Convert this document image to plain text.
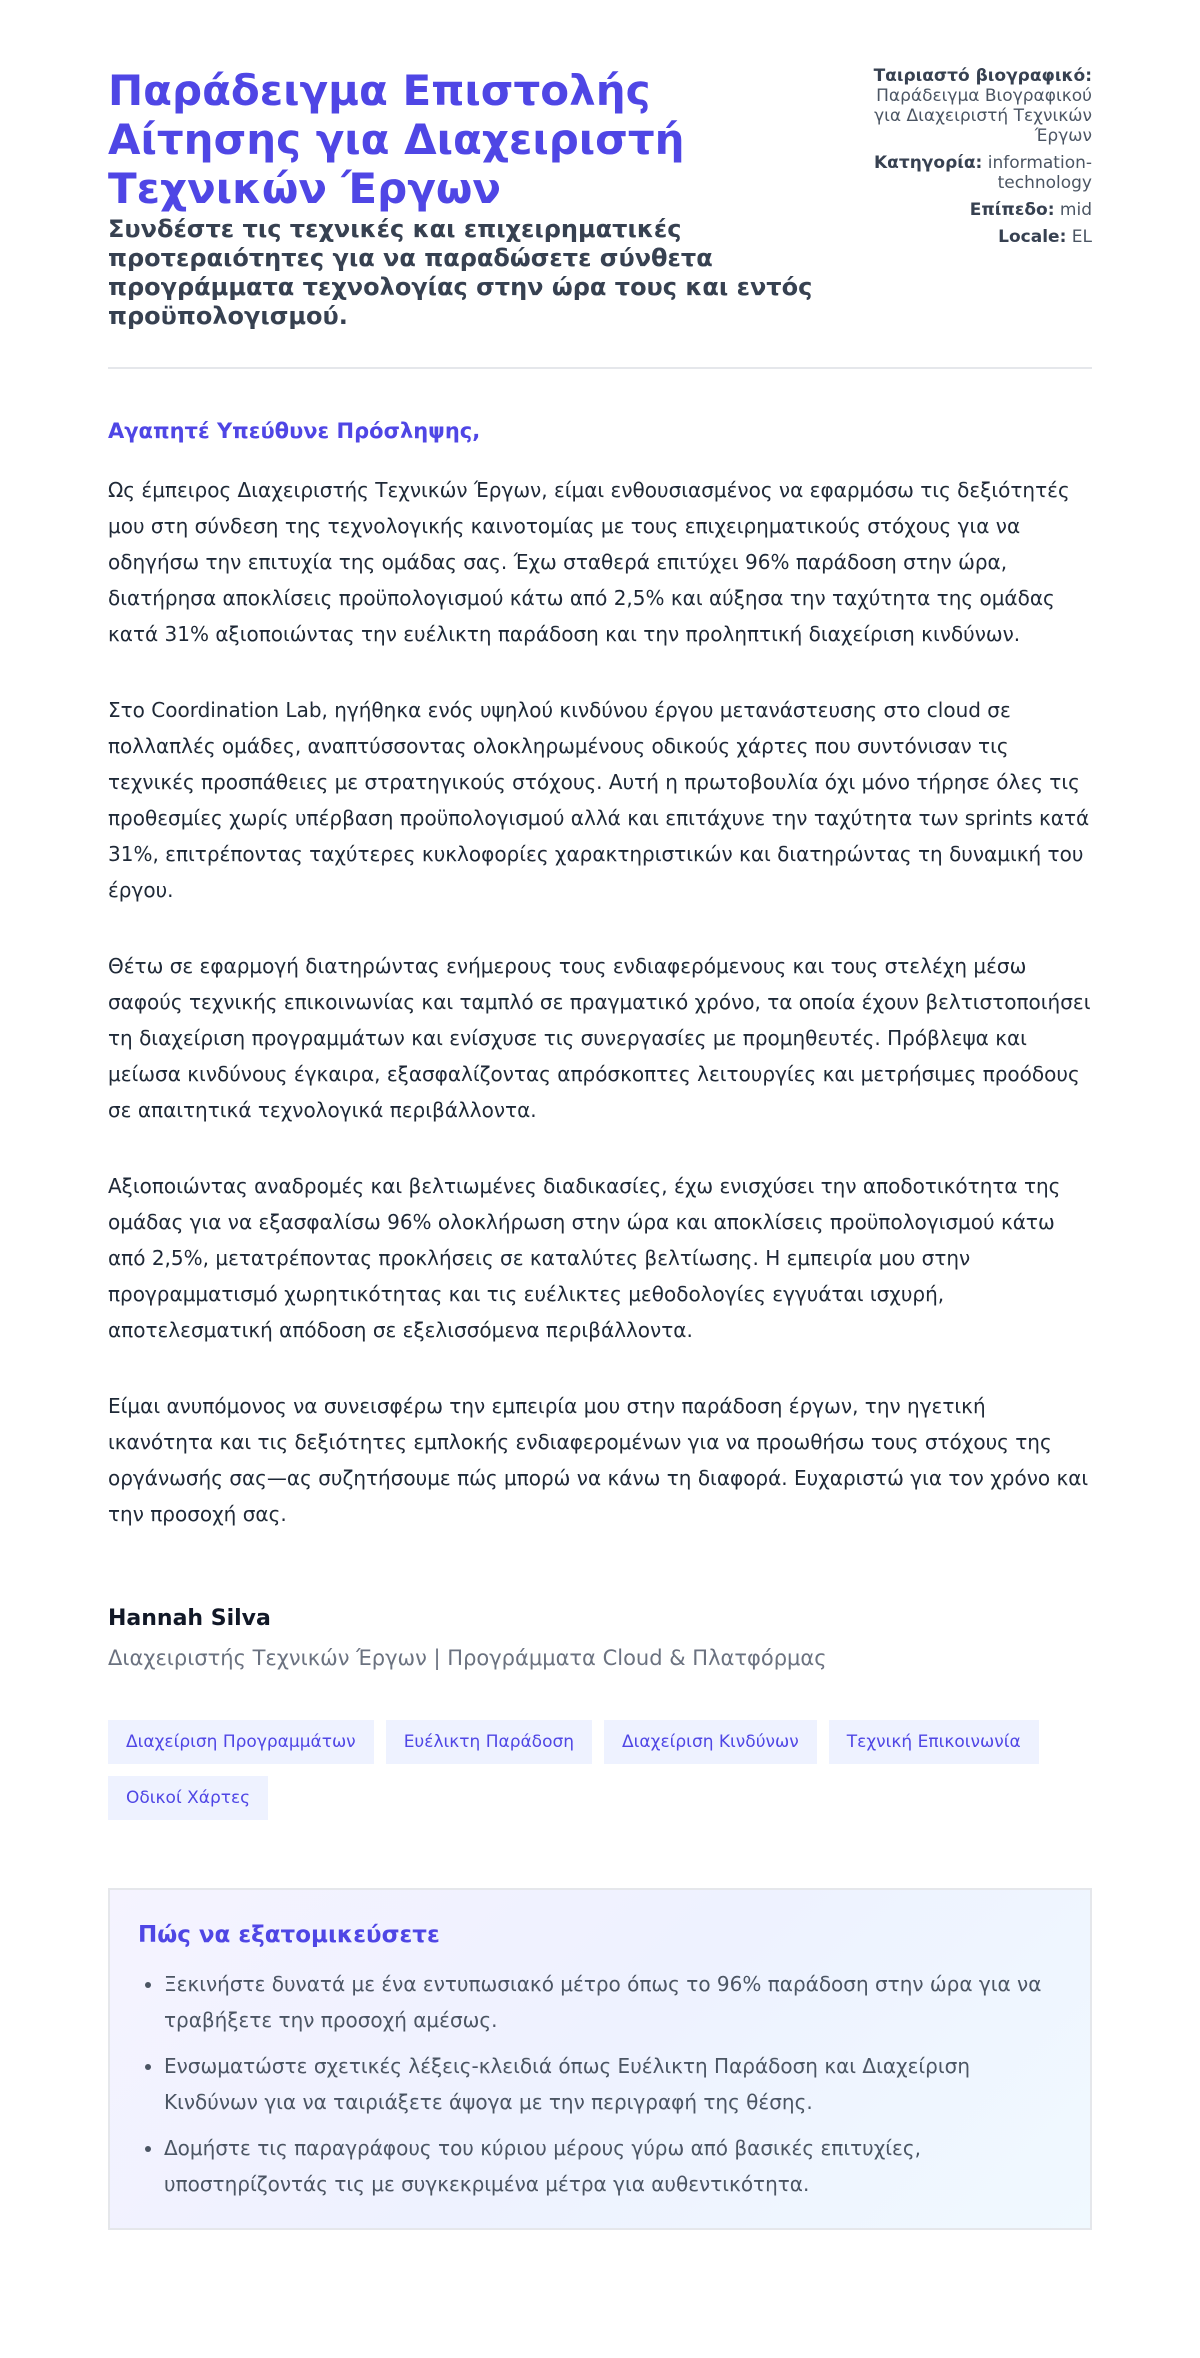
Παράδειγμα Επιστολής Αίτησης για Διαχειριστή Τεχνικών Έργων
Συνδέστε τις τεχνικές και επιχειρηματικές προτεραιότητες για να παραδώσετε σύνθετα προγράμματα τεχνολογίας στην ώρα τους και εντός προϋπολογισμού.
Ταιριαστό βιογραφικό: Παράδειγμα Βιογραφικού για Διαχειριστή Τεχνικών Έργων
Κατηγορία: information-technology
Επίπεδο: mid
Locale: EL

Αγαπητέ Υπεύθυνε Πρόσληψης,

Ως έμπειρος Διαχειριστής Τεχνικών Έργων, είμαι ενθουσιασμένος να εφαρμόσω τις δεξιότητές μου στη σύνδεση της τεχνολογικής καινοτομίας με τους επιχειρηματικούς στόχους για να οδηγήσω την επιτυχία της ομάδας σας. Έχω σταθερά επιτύχει 96% παράδοση στην ώρα, διατήρησα αποκλίσεις προϋπολογισμού κάτω από 2,5% και αύξησα την ταχύτητα της ομάδας κατά 31% αξιοποιώντας την ευέλικτη παράδοση και την προληπτική διαχείριση κινδύνων.

Στο Coordination Lab, ηγήθηκα ενός υψηλού κινδύνου έργου μετανάστευσης στο cloud σε πολλαπλές ομάδες, αναπτύσσοντας ολοκληρωμένους οδικούς χάρτες που συντόνισαν τις τεχνικές προσπάθειες με στρατηγικούς στόχους. Αυτή η πρωτοβουλία όχι μόνο τήρησε όλες τις προθεσμίες χωρίς υπέρβαση προϋπολογισμού αλλά και επιτάχυνε την ταχύτητα των sprints κατά 31%, επιτρέποντας ταχύτερες κυκλοφορίες χαρακτηριστικών και διατηρώντας τη δυναμική του έργου.

Θέτω σε εφαρμογή διατηρώντας ενήμερους τους ενδιαφερόμενους και τους στελέχη μέσω σαφούς τεχνικής επικοινωνίας και ταμπλό σε πραγματικό χρόνο, τα οποία έχουν βελτιστοποιήσει τη διαχείριση προγραμμάτων και ενίσχυσε τις συνεργασίες με προμηθευτές. Πρόβλεψα και μείωσα κινδύνους έγκαιρα, εξασφαλίζοντας απρόσκοπτες λειτουργίες και μετρήσιμες προόδους σε απαιτητικά τεχνολογικά περιβάλλοντα.

Αξιοποιώντας αναδρομές και βελτιωμένες διαδικασίες, έχω ενισχύσει την αποδοτικότητα της ομάδας για να εξασφαλίσω 96% ολοκλήρωση στην ώρα και αποκλίσεις προϋπολογισμού κάτω από 2,5%, μετατρέποντας προκλήσεις σε καταλύτες βελτίωσης. Η εμπειρία μου στην προγραμματισμό χωρητικότητας και τις ευέλικτες μεθοδολογίες εγγυάται ισχυρή, αποτελεσματική απόδοση σε εξελισσόμενα περιβάλλοντα.

Είμαι ανυπόμονος να συνεισφέρω την εμπειρία μου στην παράδοση έργων, την ηγετική ικανότητα και τις δεξιότητες εμπλοκής ενδιαφερομένων για να προωθήσω τους στόχους της οργάνωσής σας—ας συζητήσουμε πώς μπορώ να κάνω τη διαφορά. Ευχαριστώ για τον χρόνο και την προσοχή σας.

Hannah Silva
Διαχειριστής Τεχνικών Έργων | Προγράμματα Cloud & Πλατφόρμας
Διαχείριση Προγραμμάτων	Ευέλικτη Παράδοση	Διαχείριση Κινδύνων	Τεχνική Επικοινωνία
Οδικοί Χάρτες
Πώς να εξατομικεύσετε
• Ξεκινήστε δυνατά με ένα εντυπωσιακό μέτρο όπως το 96% παράδοση στην ώρα για να τραβήξετε την προσοχή αμέσως.
• Ενσωματώστε σχετικές λέξεις-κλειδιά όπως Ευέλικτη Παράδοση και Διαχείριση Κινδύνων για να ταιριάξετε άψογα με την περιγραφή της θέσης.
• Δομήστε τις παραγράφους του κύριου μέρους γύρω από βασικές επιτυχίες, υποστηρίζοντάς τις με συγκεκριμένα μέτρα για αυθεντικότητα.
